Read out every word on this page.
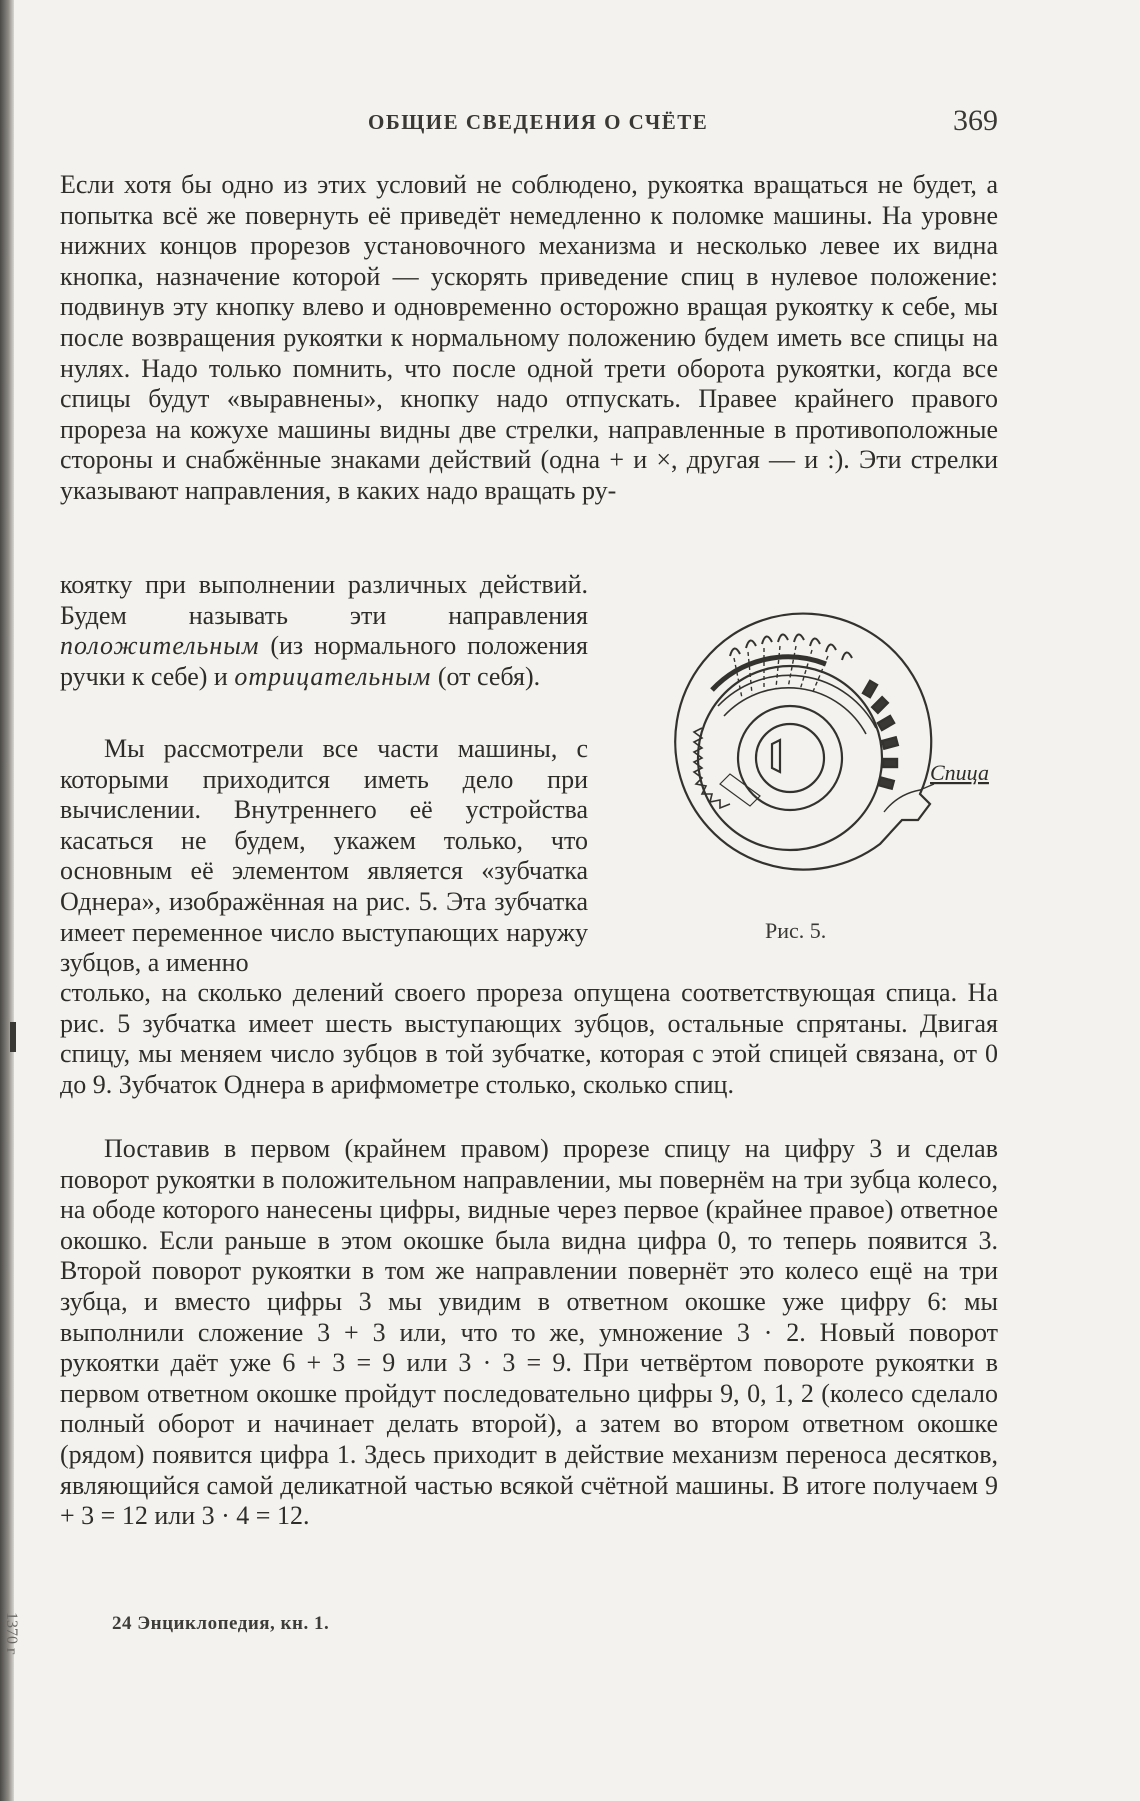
ОБЩИЕ СВЕДЕНИЯ О СЧЁТЕ	369

Если хотя бы одно из этих условий не соблюдено, рукоятка вращаться не будет, а попытка всё же повернуть её приведёт немедленно к поломке машины. На уровне нижних концов прорезов установочного механизма и несколько левее их видна кнопка, назначение которой — ускорять приведение спиц в нулевое положение: подвинув эту кнопку влево и одновременно осторожно вращая рукоятку к себе, мы после возвращения рукоятки к нормальному положению будем иметь все спицы на нулях. Надо только помнить, что после одной трети оборота рукоятки, когда все спицы будут «выравнены», кнопку надо отпускать. Правее крайнего правого прореза на кожухе машины видны две стрелки, направленные в противоположные стороны и снабжённые знаками действий (одна + и ×, другая — и :). Эти стрелки указывают направления, в каких надо вращать ру-

коятку при выполнении различных действий. Будем называть эти направления положительным (из нормального положения ручки к себе) и отрицательным (от себя).

Мы рассмотрели все части машины, с которыми приходится иметь дело при вычислении. Внутреннего её устройства касаться не будем, укажем только, что основным её элементом является «зубчатка Однера», изображённая на рис. 5. Эта зубчатка имеет переменное число выступающих наружу зубцов, а именно

столько, на сколько делений своего прореза опущена соответствующая спица. На рис. 5 зубчатка имеет шесть выступающих зубцов, остальные спрятаны. Двигая спицу, мы меняем число зубцов в той зубчатке, которая с этой спицей связана, от 0 до 9. Зубчаток Однера в арифмометре столько, сколько спиц.

Поставив в первом (крайнем правом) прорезе спицу на цифру 3 и сделав поворот рукоятки в положительном направлении, мы повернём на три зубца колесо, на ободе которого нанесены цифры, видные через первое (крайнее правое) ответное окошко. Если раньше в этом окошке была видна цифра 0, то теперь появится 3. Второй поворот рукоятки в том же направлении повернёт это колесо ещё на три зубца, и вместо цифры 3 мы увидим в ответном окошке уже цифру 6: мы выполнили сложение 3 + 3 или, что то же, умножение 3 · 2. Новый поворот рукоятки даёт уже 6 + 3 = 9 или 3 · 3 = 9. При четвёртом повороте рукоятки в первом ответном окошке пройдут последовательно цифры 9, 0, 1, 2 (колесо сделало полный оборот и начинает делать второй), а затем во втором ответном окошке (рядом) появится цифра 1. Здесь приходит в действие механизм переноса десятков, являющийся самой деликатной частью всякой счётной машины. В итоге получаем 9 + 3 = 12 или 3 · 4 = 12.

Спица
Рис. 5.
24 Энциклопедия, кн. 1.
1370 г
